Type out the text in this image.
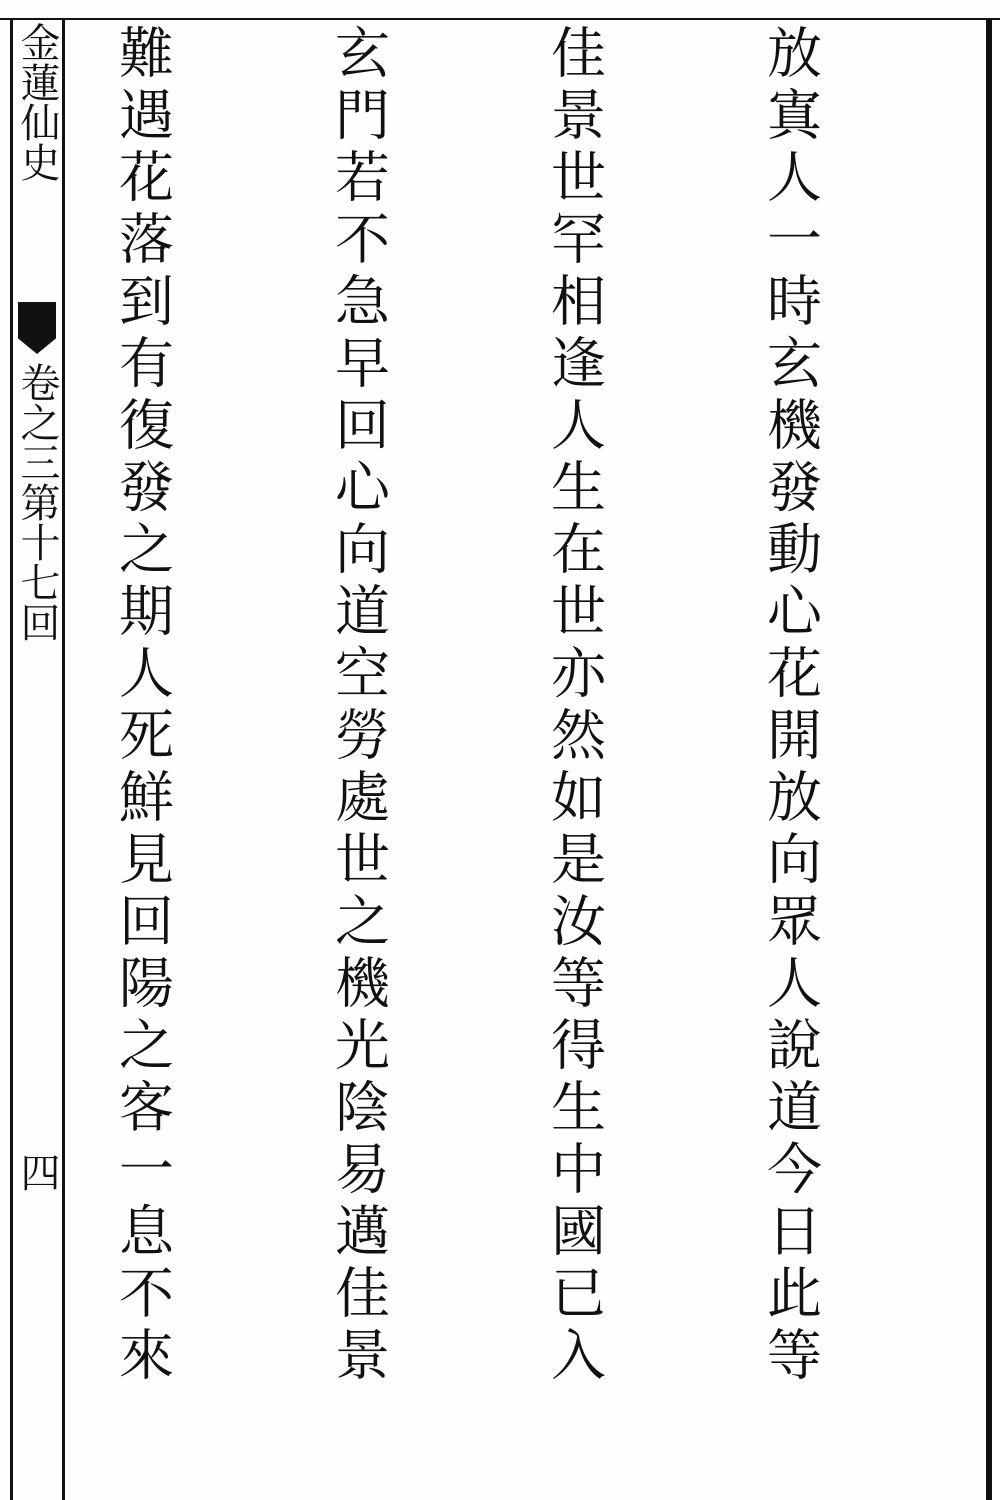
金蓮仙史
卷之三第十七回
四

	放寘人一時玄機發動心花開放向眾人說道今日此等

佳景世罕相逢人生在世亦然如是汝等得生中國已入

玄門若不急早回心向道空勞處世之機光陰易邁佳景

難遇花落到有復發之期人死鮮見回陽之客一息不來
